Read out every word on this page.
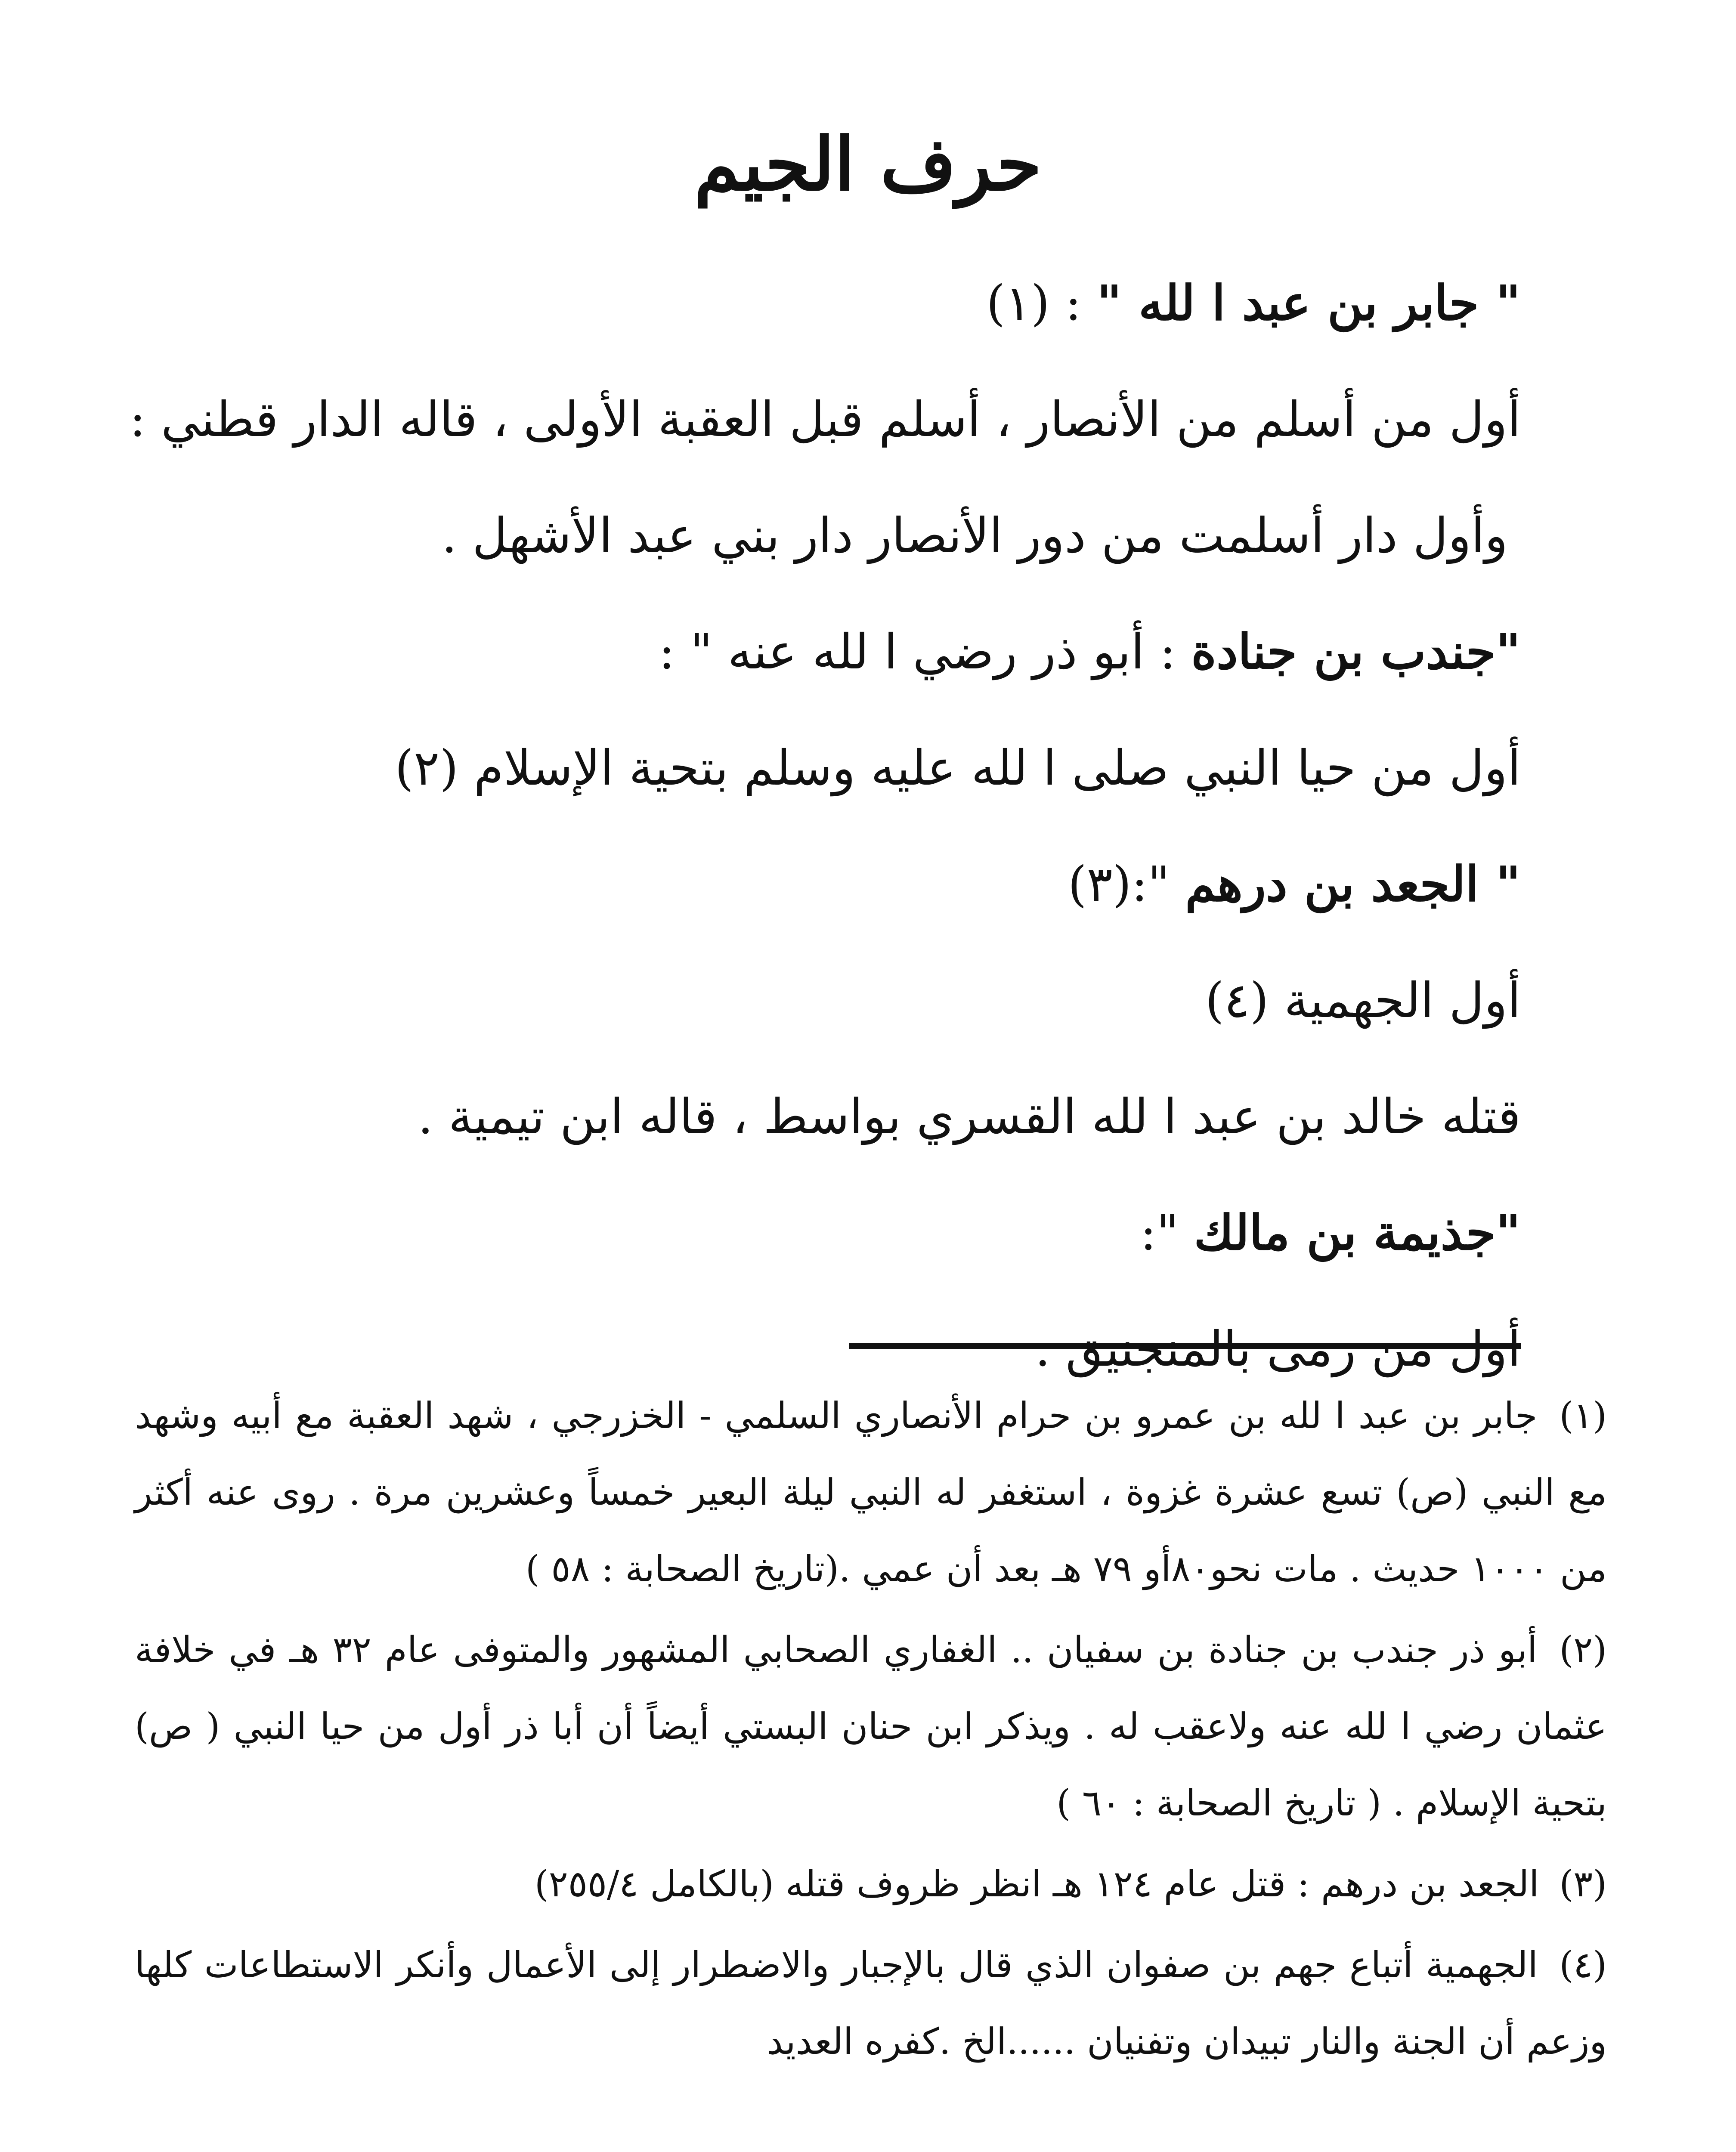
حرف الجيم
" جابر بن عبد ا لله " : (١)
أول من أسلم من الأنصار ، أسلم قبل العقبة الأولى ، قاله الدار قطني :
وأول دار أسلمت من دور الأنصار دار بني عبد الأشهل .
"جندب بن جنادة : أبو ذر رضي ا لله عنه " :
أول من حيا النبي صلى ا لله عليه وسلم بتحية الإسلام (٢)
" الجعد بن درهم ":(٣)
أول الجهمية (٤)
قتله خالد بن عبد ا لله القسري بواسط ، قاله ابن تيمية .
"جذيمة بن مالك ":
أول من رمى بالمنجنيق .
(١) جابر بن عبد ا لله بن عمرو بن حرام الأنصاري السلمي - الخزرجي ، شهد العقبة مع أبيه وشهد مع النبي (ص) تسع عشرة غزوة ، استغفر له النبي ليلة البعير خمساً وعشرين مرة . روى عنه أكثر من ١٠٠٠ حديث . مات نحو٨٠أو ٧٩ هـ بعد أن عمي .(تاريخ الصحابة : ٥٨ )
(٢) أبو ذر جندب بن جنادة بن سفيان .. الغفاري الصحابي المشهور والمتوفى عام ٣٢ هـ في خلافة عثمان رضي ا لله عنه ولاعقب له . ويذكر ابن حنان البستي أيضاً أن أبا ذر أول من حيا النبي ( ص) بتحية الإسلام . ( تاريخ الصحابة : ٦٠ )
(٣) الجعد بن درهم : قتل عام ١٢٤ هـ انظر ظروف قتله (بالكامل ٢٥٥/٤)
(٤) الجهمية أتباع جهم بن صفوان الذي قال بالإجبار والاضطرار إلى الأعمال وأنكر الاستطاعات كلها وزعم أن الجنة والنار تبيدان وتفنيان ......الخ .كفره العديد
